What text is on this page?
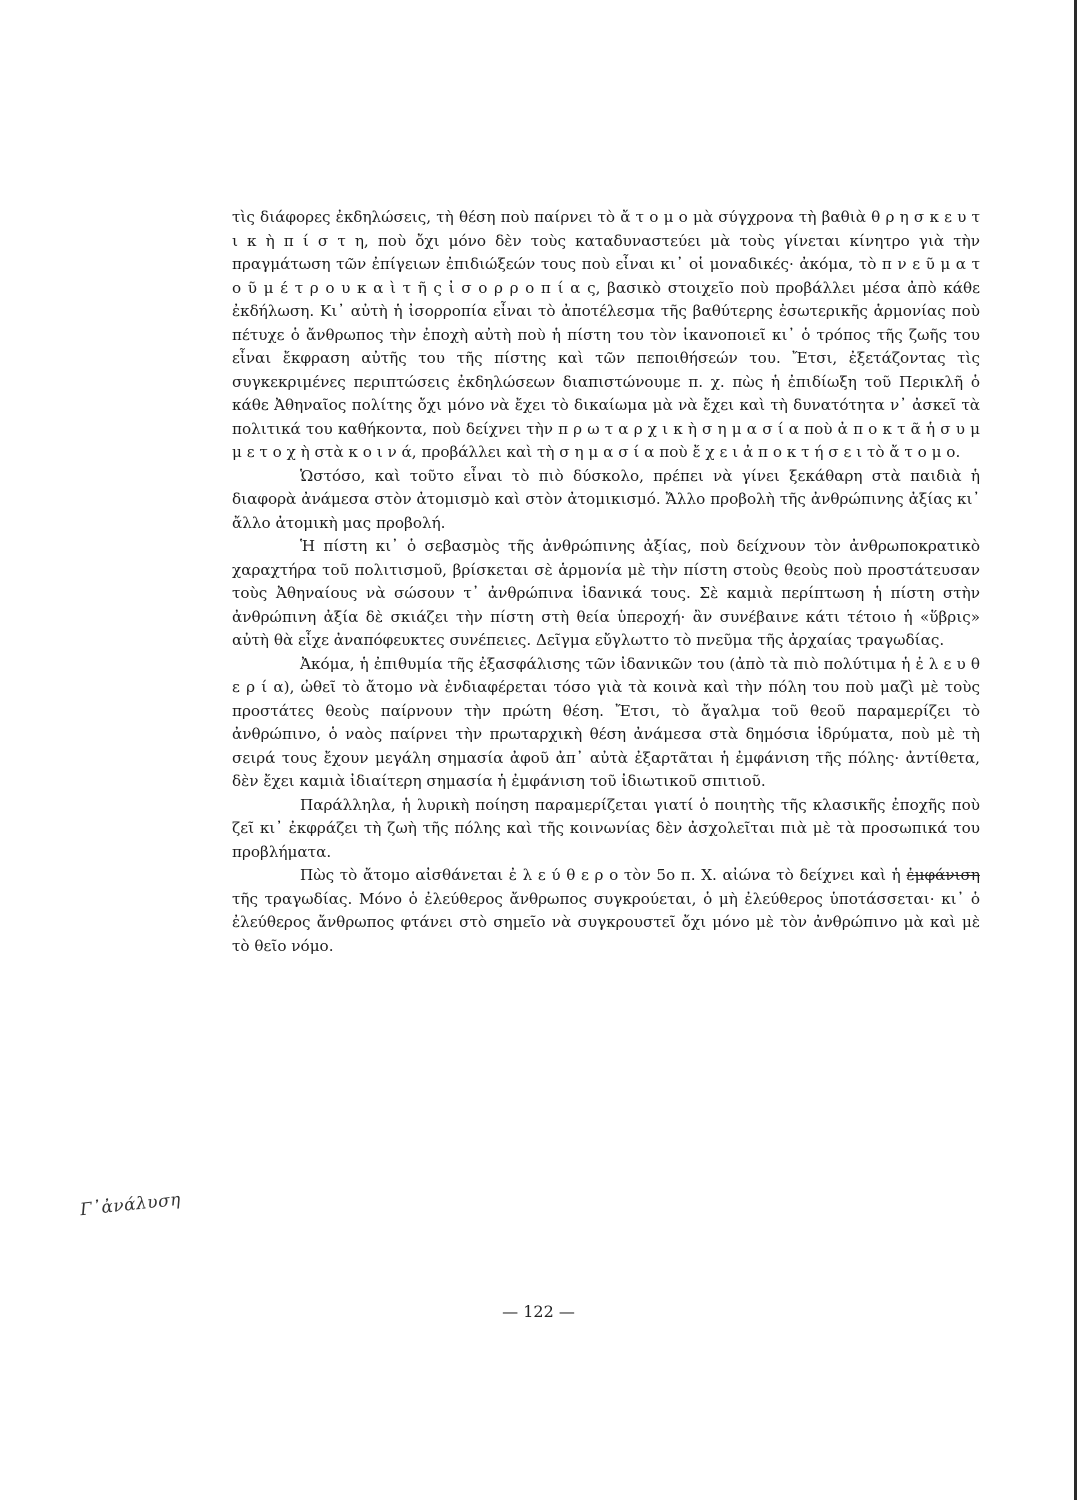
τὶς διάφορες ἐκδηλώσεις, τὴ θέση ποὺ παίρνει τὸ ἄ τ ο μ ο μὰ σύγχρονα τὴ βαθιὰ θ ρ η σ κ ε υ τ ι κ ὴ π ί σ τ η, ποὺ ὄχι μόνο δὲν τοὺς καταδυναστεύει μὰ τοὺς γίνεται κίνητρο γιὰ τὴν πραγμάτωση τῶν ἐπίγειων ἐπιδιώξεών τους ποὺ εἶναι κι᾽ οἱ μοναδικές· ἀκόμα, τὸ π ν ε ῦ μ α τ ο ῦ μ έ τ ρ ο υ κ α ὶ τ ῆ ς ἰ σ ο ρ ρ ο π ί α ς, βασικὸ στοιχεῖο ποὺ προβάλλει μέσα ἀπὸ κάθε ἐκδήλωση. Κι᾽ αὐτὴ ἡ ἰσορροπία εἶναι τὸ ἀποτέλεσμα τῆς βαθύτερης ἐσωτερικῆς ἁρμονίας ποὺ πέτυχε ὁ ἄνθρωπος τὴν ἐποχὴ αὐτὴ ποὺ ἡ πίστη του τὸν ἱκανοποιεῖ κι᾽ ὁ τρόπος τῆς ζωῆς του εἶναι ἔκφραση αὐτῆς του τῆς πίστης καὶ τῶν πεποιθήσεών του. Ἔτσι, ἐξετάζοντας τὶς συγκεκριμένες περιπτώσεις ἐκδηλώσεων διαπιστώνουμε π. χ. πὼς ἡ ἐπιδίωξη τοῦ Περικλῆ ὁ κάθε Ἀθηναῖος πολίτης ὄχι μόνο νὰ ἔχει τὸ δικαίωμα μὰ νὰ ἔχει καὶ τὴ δυνατότητα ν᾽ ἀσκεῖ τὰ πολιτικά του καθήκοντα, ποὺ δείχνει τὴν π ρ ω τ α ρ χ ι κ ὴ σ η μ α σ ί α ποὺ ἀ π ο κ τ ᾶ ἡ σ υ μ μ ε τ ο χ ὴ στὰ κ ο ι ν ά, προβάλλει καὶ τὴ σ η μ α σ ί α ποὺ ἔ χ ε ι ἀ π ο κ τ ή σ ε ι τὸ ἄ τ ο μ ο.

Ὡστόσο, καὶ τοῦτο εἶναι τὸ πιὸ δύσκολο, πρέπει νὰ γίνει ξεκάθαρη στὰ παιδιὰ ἡ διαφορὰ ἀνάμεσα στὸν ἀτομισμὸ καὶ στὸν ἀτομικισμό. Ἄλλο προβολὴ τῆς ἀνθρώπινης ἀξίας κι᾽ ἄλλο ἀτομικὴ μας προβολή.

Ἡ πίστη κι᾽ ὁ σεβασμὸς τῆς ἀνθρώπινης ἀξίας, ποὺ δείχνουν τὸν ἀνθρωποκρατικὸ χαραχτήρα τοῦ πολιτισμοῦ, βρίσκεται σὲ ἁρμονία μὲ τὴν πίστη στοὺς θεοὺς ποὺ προστάτευσαν τοὺς Ἀθηναίους νὰ σώσουν τ᾽ ἀνθρώπινα ἰδανικά τους. Σὲ καμιὰ περίπτωση ἡ πίστη στὴν ἀνθρώπινη ἀξία δὲ σκιάζει τὴν πίστη στὴ θεία ὑπεροχή· ἂν συνέβαινε κάτι τέτοιο ἡ «ὕβρις» αὐτὴ θὰ εἶχε ἀναπόφευκτες συνέπειες. Δεῖγμα εὔγλωττο τὸ πνεῦμα τῆς ἀρχαίας τραγωδίας.

Ἀκόμα, ἡ ἐπιθυμία τῆς ἐξασφάλισης τῶν ἰδανικῶν του (ἀπὸ τὰ πιὸ πολύτιμα ἡ ἐ λ ε υ θ ε ρ ί α), ὠθεῖ τὸ ἄτομο νὰ ἐνδιαφέρεται τόσο γιὰ τὰ κοινὰ καὶ τὴν πόλη του ποὺ μαζὶ μὲ τοὺς προστάτες θεοὺς παίρνουν τὴν πρώτη θέση. Ἔτσι, τὸ ἄγαλμα τοῦ θεοῦ παραμερίζει τὸ ἀνθρώπινο, ὁ ναὸς παίρνει τὴν πρωταρχικὴ θέση ἀνάμεσα στὰ δημόσια ἱδρύματα, ποὺ μὲ τὴ σειρά τους ἔχουν μεγάλη σημασία ἀφοῦ ἀπ᾽ αὐτὰ ἐξαρτᾶται ἡ ἐμφάνιση τῆς πόλης· ἀντίθετα, δὲν ἔχει καμιὰ ἰδιαίτερη σημασία ἡ ἐμφάνιση τοῦ ἰδιωτικοῦ σπιτιοῦ.

Παράλληλα, ἡ λυρικὴ ποίηση παραμερίζεται γιατί ὁ ποιητὴς τῆς κλασικῆς ἐποχῆς ποὺ ζεῖ κι᾽ ἐκφράζει τὴ ζωὴ τῆς πόλης καὶ τῆς κοινωνίας δὲν ἀσχολεῖται πιὰ μὲ τὰ προσωπικά του προβλήματα.

Πὼς τὸ ἄτομο αἰσθάνεται ἐ λ ε ύ θ ε ρ ο τὸν 5ο π. Χ. αἰώνα τὸ δείχνει καὶ ἡ ἐμφάνιση τῆς τραγωδίας. Μόνο ὁ ἐλεύθερος ἄνθρωπος συγκρούεται, ὁ μὴ ἐλεύθερος ὑποτάσσεται· κι᾽ ὁ ἐλεύθερος ἄνθρωπος φτάνει στὸ σημεῖο νὰ συγκρουστεῖ ὄχι μόνο μὲ τὸν ἀνθρώπινο μὰ καὶ μὲ τὸ θεῖο νόμο.

Γ᾽ἀνάλυση
— 122 —
